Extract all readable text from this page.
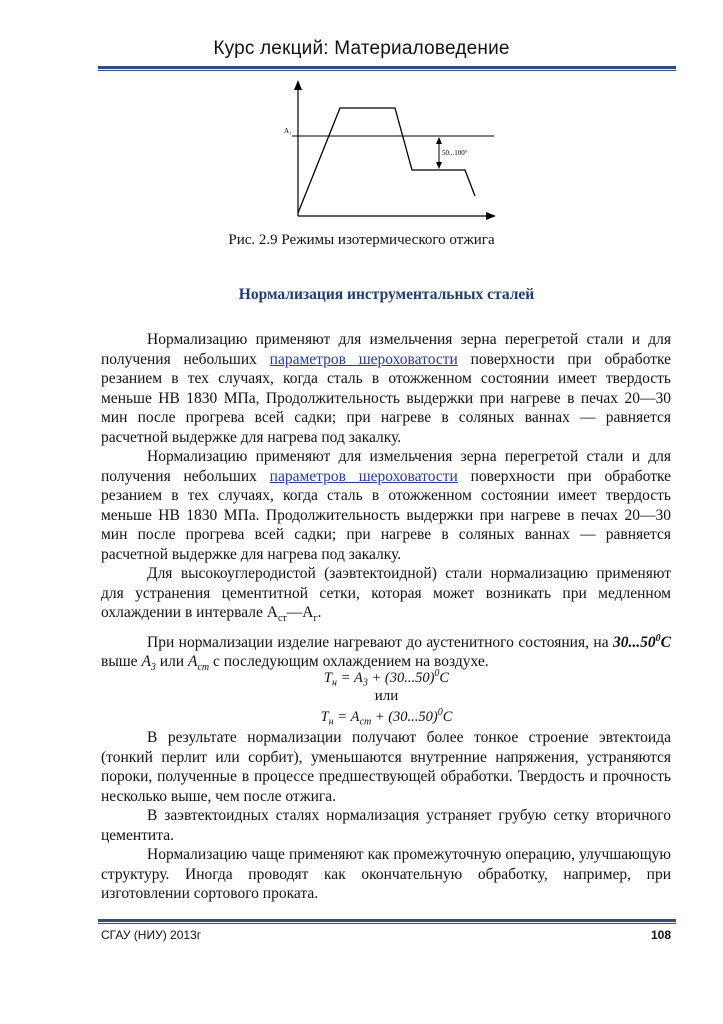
Курс лекций: Материаловедение
A₁
50...100°
Рис. 2.9 Режимы изотермического отжига
Нормализация инструментальных сталей

Нормализацию применяют для измельчения зерна перегретой стали и для получения небольших параметров шероховатости поверхности при обработке резанием в тех случаях, когда сталь в отожженном состоянии имеет твердость меньше НВ 1830 МПа, Продолжительность выдержки при нагреве в печах 20—30 мин после прогрева всей садки; при нагреве в соляных ваннах — равняется расчетной выдержке для нагрева под закалку.

Нормализацию применяют для измельчения зерна перегретой стали и для получения небольших параметров шероховатости поверхности при обработке резанием в тех случаях, когда сталь в отожженном состоянии имеет твердость меньше НВ 1830 МПа. Продолжительность выдержки при нагреве в печах 20—30 мин после прогрева всей садки; при нагреве в соляных ваннах — равняется расчетной выдержке для нагрева под закалку.

Для высокоуглеродистой (заэвтектоидной) стали нормализацию применяют для устранения цементитной сетки, которая может возникать при медленном охлаждении в интервале $А_{ст}—А_г$.

При нормализации изделие нагревают до аустенитного состояния, на 30...50$^0$С выше $A_3$ или $A_{cm}$ с последующим охлаждением на воздухе.

$T_н = A_3 + (30...50)^0C$
или
$T_н = A_{cm} + (30...50)^0C$

В результате нормализации получают более тонкое строение эвтектоида (тонкий перлит или сорбит), уменьшаются внутренние напряжения, устраняются пороки, полученные в процессе предшествующей обработки. Твердость и прочность несколько выше, чем после отжига.

В заэвтектоидных сталях нормализация устраняет грубую сетку вторичного цементита.

Нормализацию чаще применяют как промежуточную операцию, улучшающую структуру. Иногда проводят как окончательную обработку, например, при изготовлении сортового проката.

СГАУ (НИУ) 2013г	108
